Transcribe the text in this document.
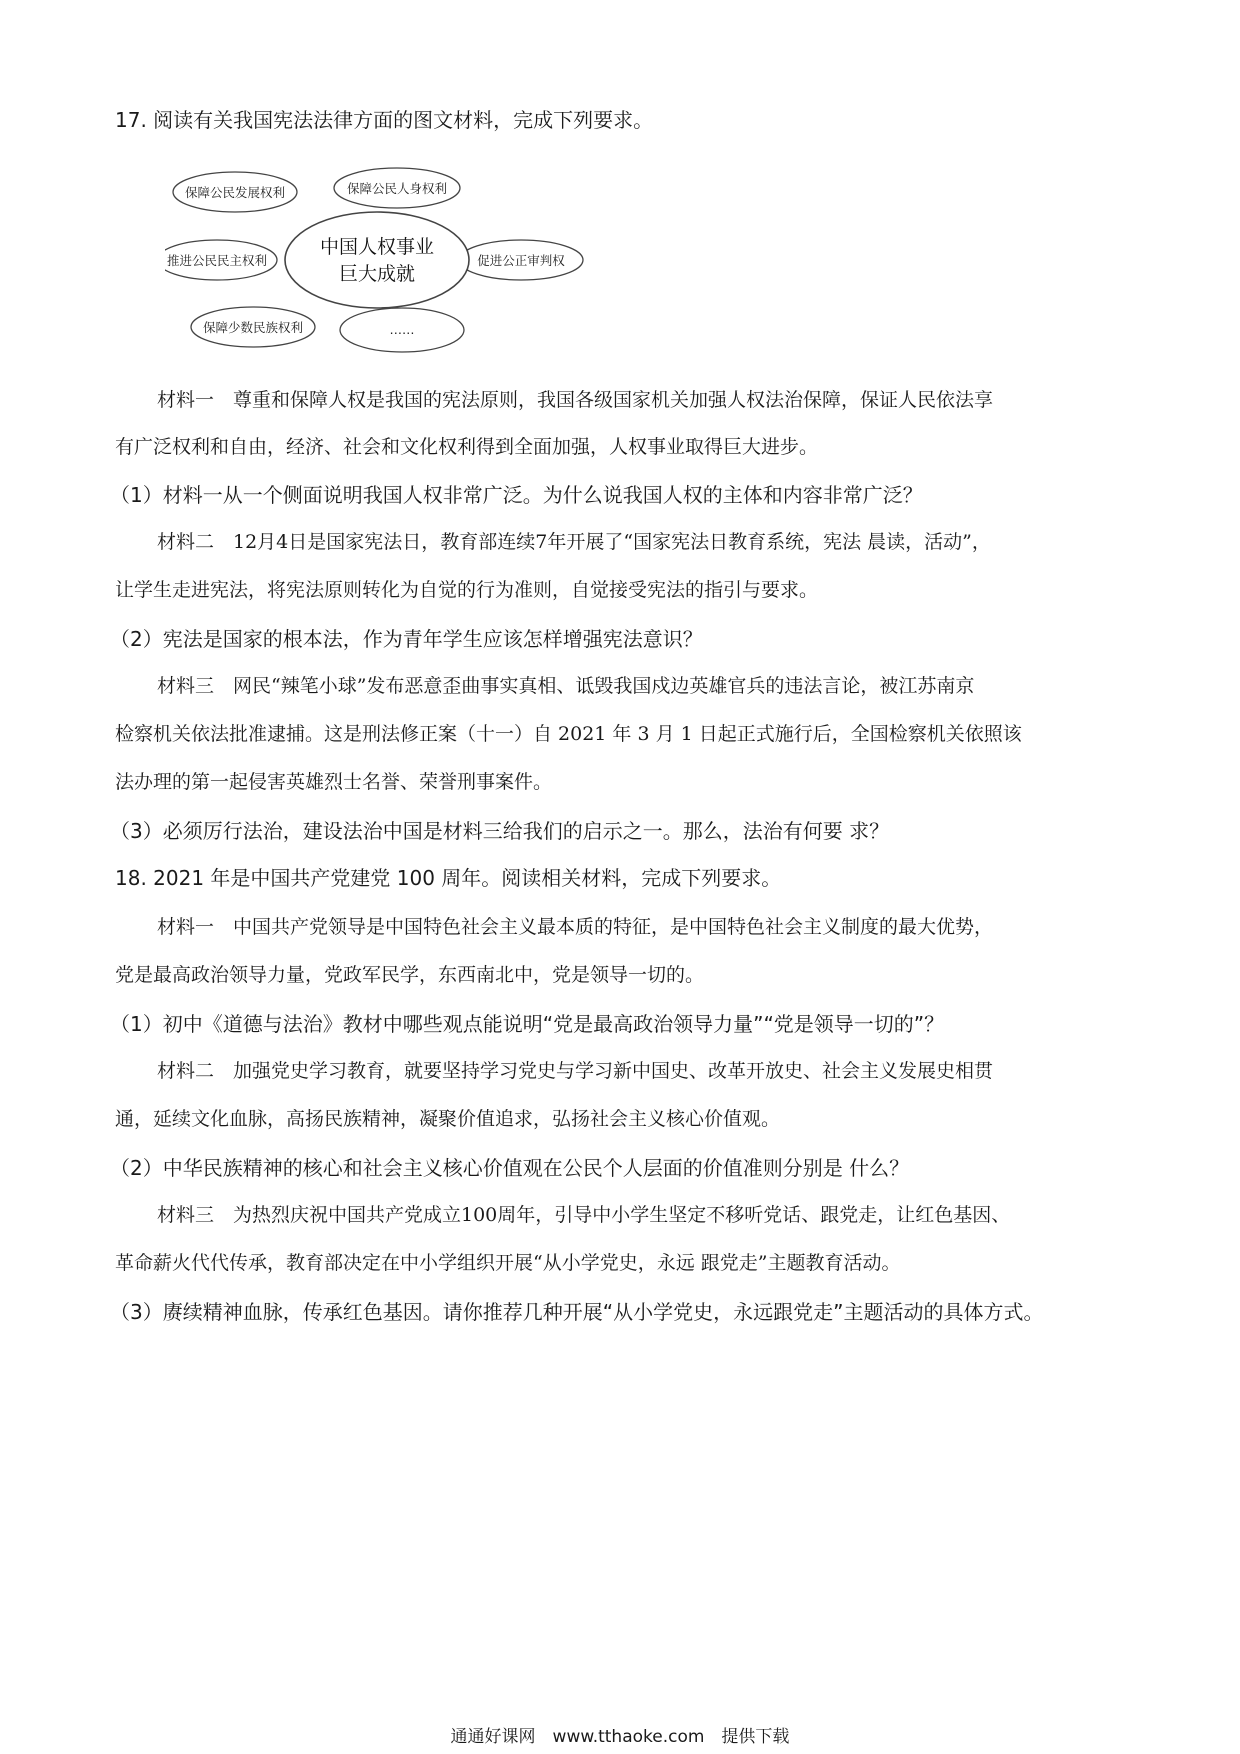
17. 阅读有关我国宪法法律方面的图文材料，完成下列要求。
保障公民发展权利	保障公民人身权利
推进公民民主权利	促进公正审判权
保障少数民族权利	……
中国人权事业
巨大成就
材料一　尊重和保障人权是我国的宪法原则，我国各级国家机关加强人权法治保障，保证人民依法享
有广泛权利和自由，经济、社会和文化权利得到全面加强，人权事业取得巨大进步。
（1）材料一从一个侧面说明我国人权非常广泛。为什么说我国人权的主体和内容非常广泛？
材料二　12月4日是国家宪法日，教育部连续7年开展了“国家宪法日教育系统，宪法 晨读，活动”，
让学生走进宪法，将宪法原则转化为自觉的行为准则，自觉接受宪法的指引与要求。
（2）宪法是国家的根本法，作为青年学生应该怎样增强宪法意识？
材料三　网民“辣笔小球”发布恶意歪曲事实真相、诋毁我国戍边英雄官兵的违法言论，被江苏南京
检察机关依法批准逮捕。这是刑法修正案（十一）自 2021 年 3 月 1 日起正式施行后，全国检察机关依照该
法办理的第一起侵害英雄烈士名誉、荣誉刑事案件。
（3）必须厉行法治，建设法治中国是材料三给我们的启示之一。那么，法治有何要 求？
18. 2021 年是中国共产党建党 100 周年。阅读相关材料，完成下列要求。
材料一　中国共产党领导是中国特色社会主义最本质的特征，是中国特色社会主义制度的最大优势，
党是最高政治领导力量，党政军民学，东西南北中，党是领导一切的。
（1）初中《道德与法治》教材中哪些观点能说明“党是最高政治领导力量”“党是领导一切的”？
材料二　加强党史学习教育，就要坚持学习党史与学习新中国史、改革开放史、社会主义发展史相贯
通，延续文化血脉，高扬民族精神，凝聚价值追求，弘扬社会主义核心价值观。
（2）中华民族精神的核心和社会主义核心价值观在公民个人层面的价值准则分别是 什么？
材料三　为热烈庆祝中国共产党成立100周年，引导中小学生坚定不移听党话、跟党走，让红色基因、
革命薪火代代传承，教育部决定在中小学组织开展“从小学党史，永远 跟党走”主题教育活动。
（3）赓续精神血脉，传承红色基因。请你推荐几种开展“从小学党史，永远跟党走”主题活动的具体方式。
通通好课网　www.tthaoke.com　提供下载
